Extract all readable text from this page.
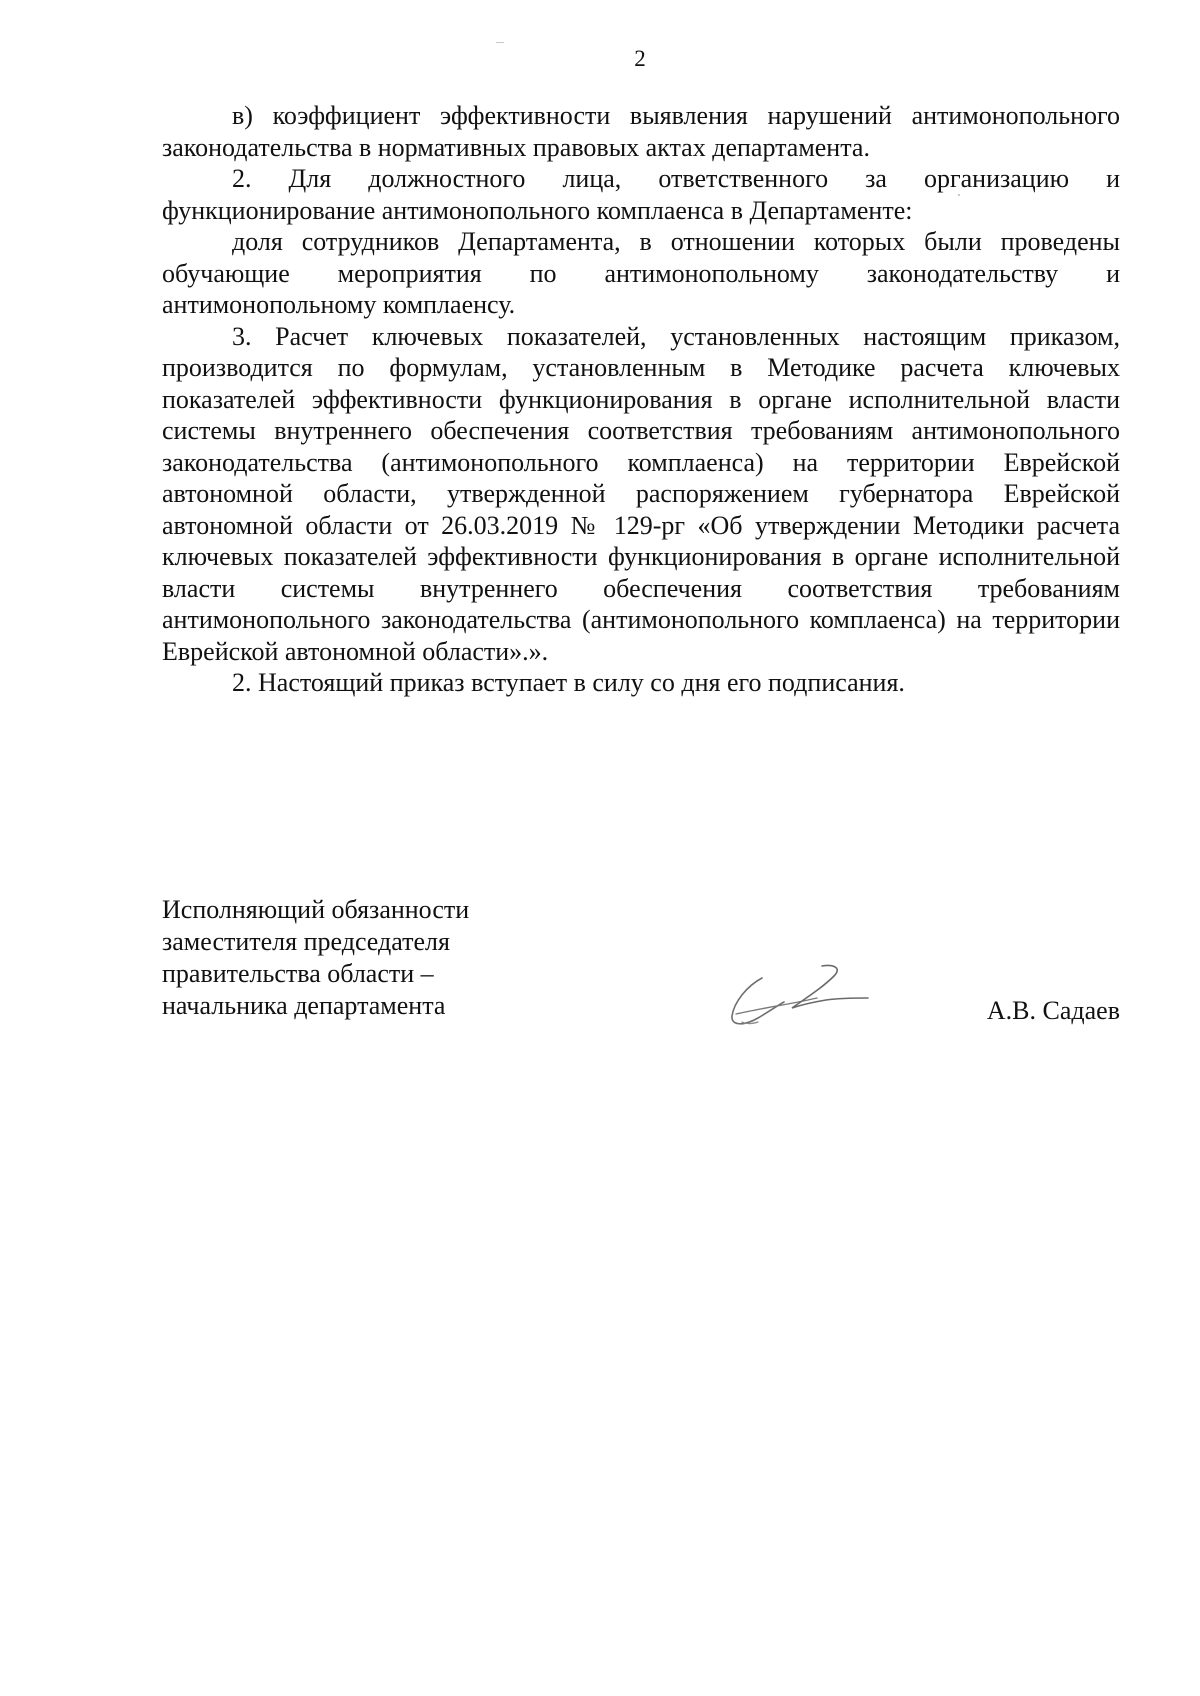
2

в) коэффициент эффективности выявления нарушений антимонопольного законодательства в нормативных правовых актах департамента.

2. Для должностного лица, ответственного за организацию и функционирование антимонопольного комплаенса в Департаменте:

доля сотрудников Департамента, в отношении которых были проведены обучающие мероприятия по антимонопольному законодательству и антимонопольному комплаенсу.

3. Расчет ключевых показателей, установленных настоящим приказом, производится по формулам, установленным в Методике расчета ключевых показателей эффективности функционирования в органе исполнительной власти системы внутреннего обеспечения соответствия требованиям антимонопольного законодательства (антимонопольного комплаенса) на территории Еврейской автономной области, утвержденной распоряжением губернатора Еврейской автономной области от 26.03.2019 № 129-рг «Об утверждении Методики расчета ключевых показателей эффективности функционирования в органе исполнительной власти системы внутреннего обеспечения соответствия требованиям антимонопольного законодательства (антимонопольного комплаенса) на территории Еврейской автономной области».».

2. Настоящий приказ вступает в силу со дня его подписания.

Исполняющий обязанности
заместителя председателя
правительства области –
начальника департамента	А.В. Садаев
